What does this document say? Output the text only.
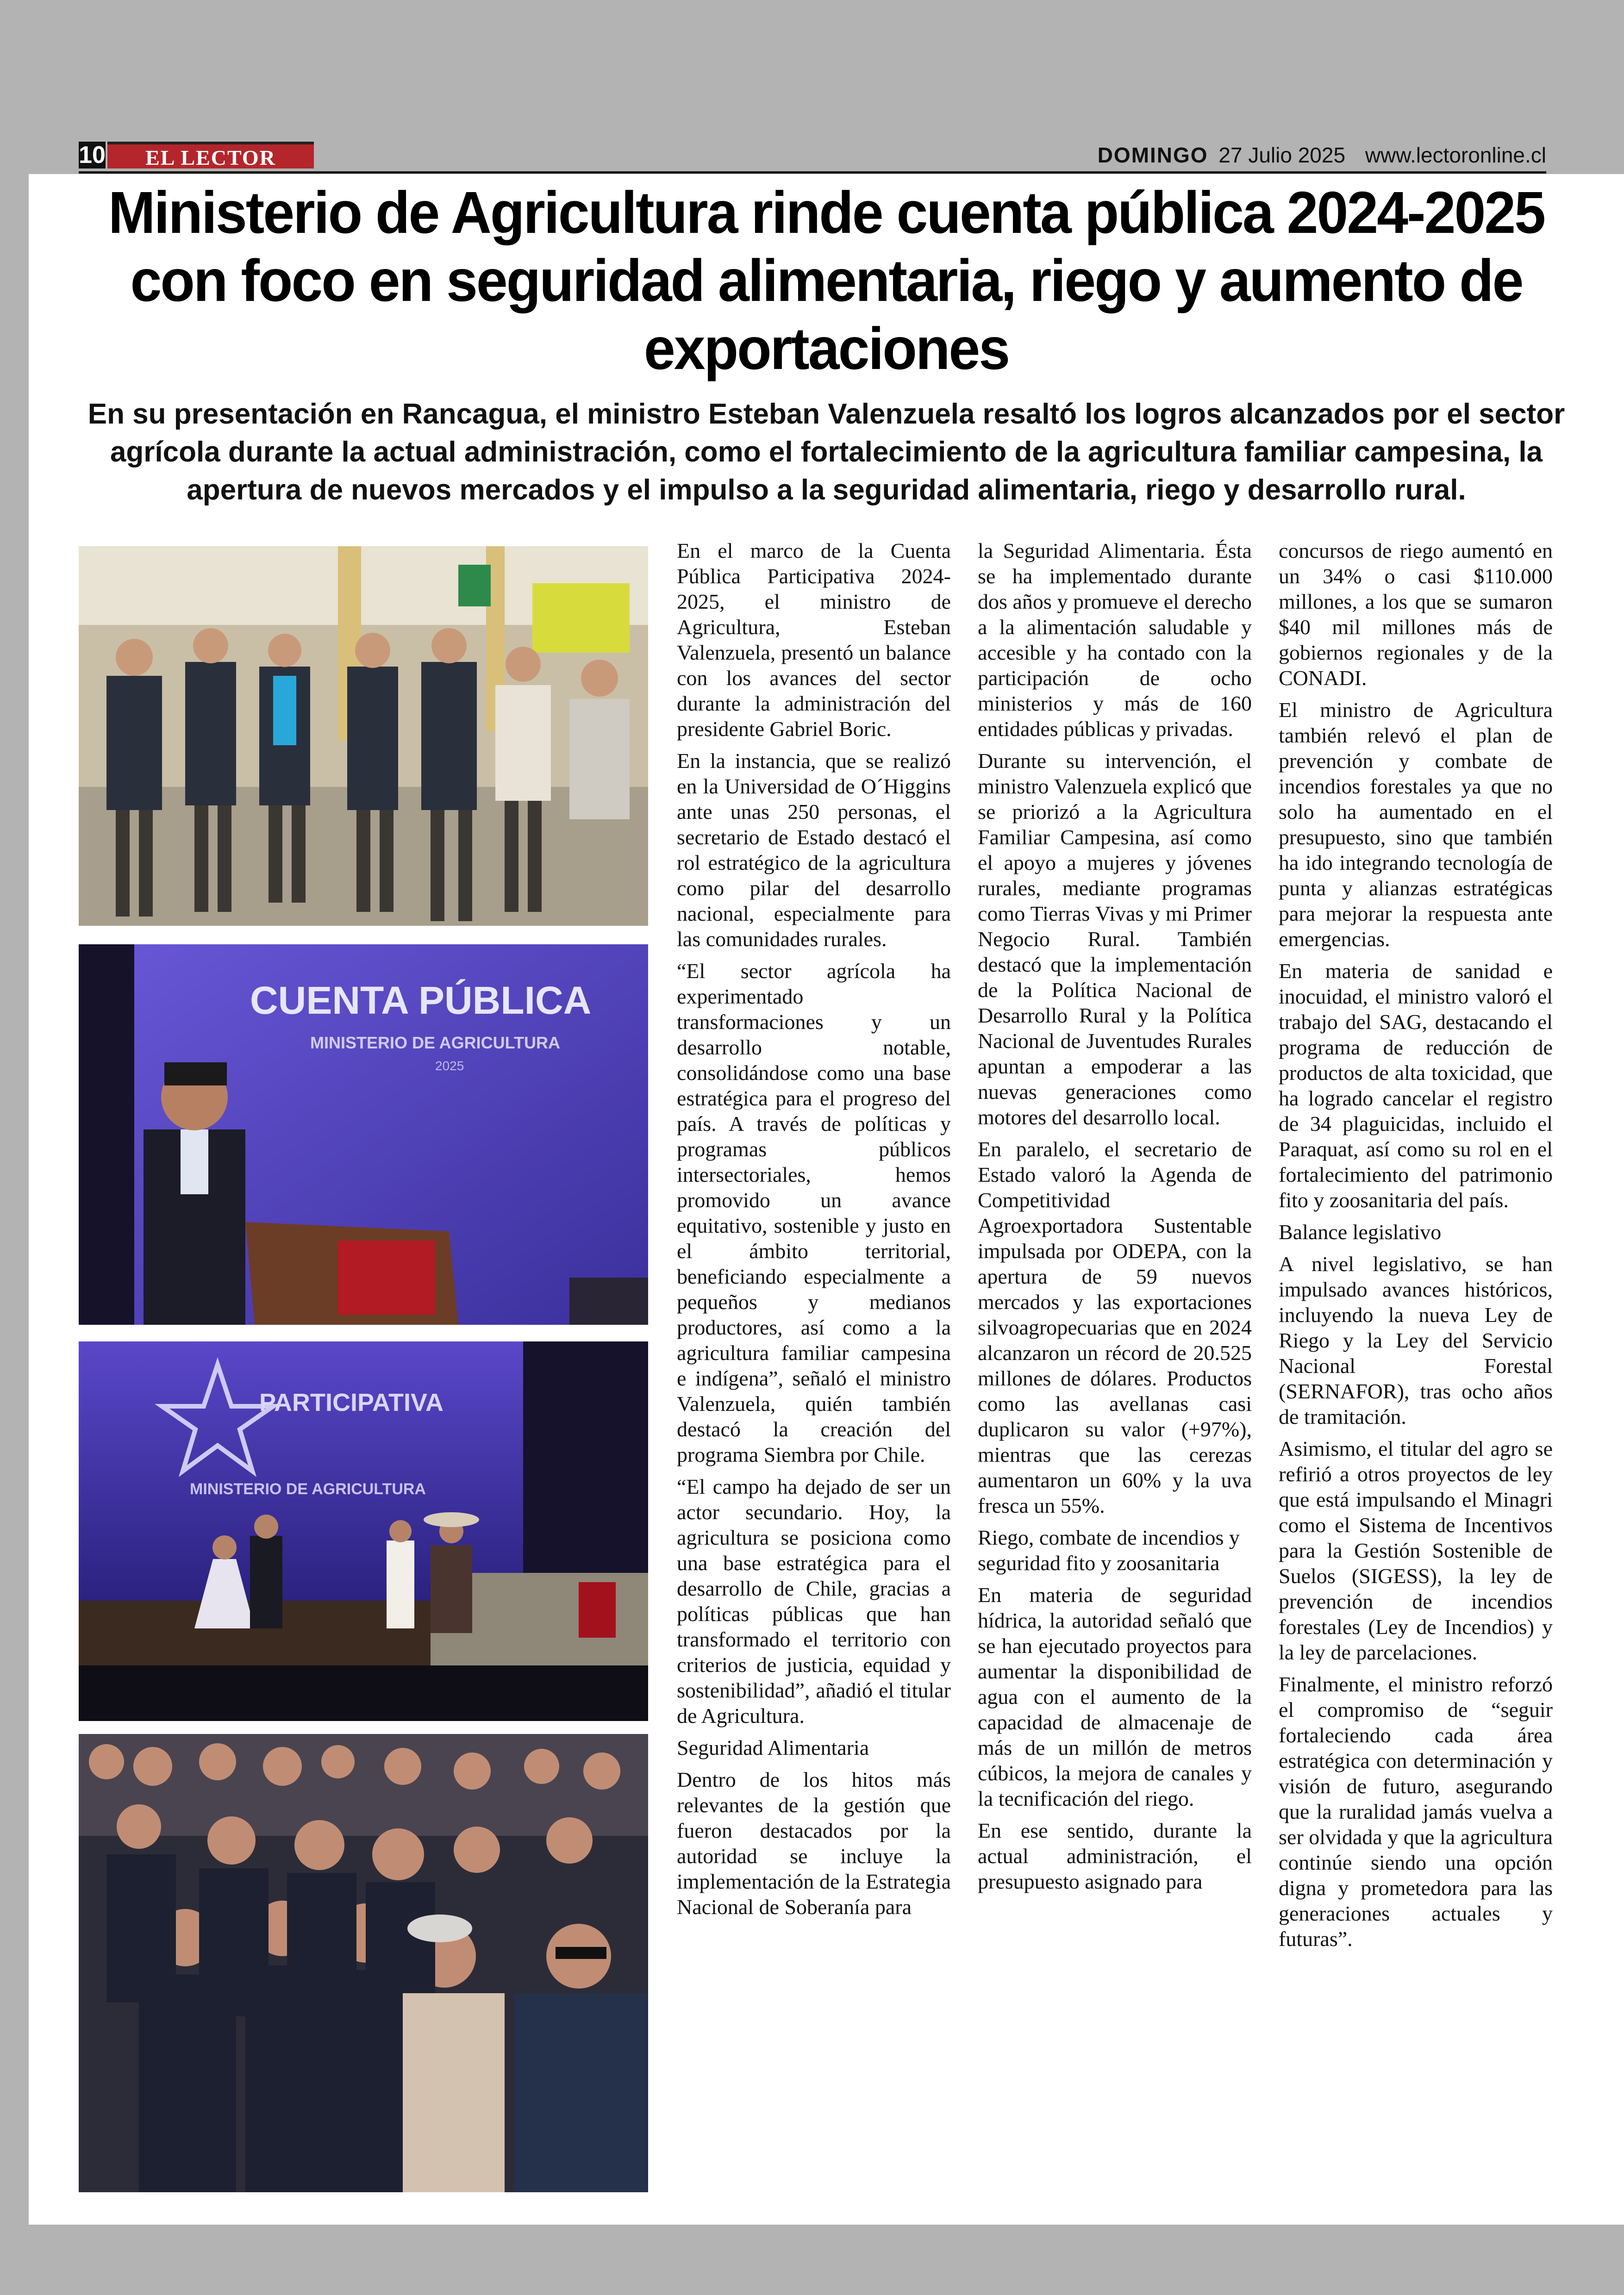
10	EL LECTOR	DOMINGO 27 Julio 2025 www.lectoronline.cl
Ministerio de Agricultura rinde cuenta pública 2024-2025 con foco en seguridad alimentaria, riego y aumento de exportaciones
En su presentación en Rancagua, el ministro Esteban Valenzuela resaltó los logros alcanzados por el sector agrícola durante la actual administración, como el fortalecimiento de la agricultura familiar campesina, la apertura de nuevos mercados y el impulso a la seguridad alimentaria, riego y desarrollo rural.
CUENTA PÚBLICA
MINISTERIO DE AGRICULTURA
2025
PARTICIPATIVA
MINISTERIO DE AGRICULTURA

En el marco de la Cuenta Pública Participativa 2024-2025, el ministro de Agricultura, Esteban Valenzuela, presentó un balance con los avances del sector durante la administración del presidente Gabriel Boric.

En la instancia, que se realizó en la Universidad de O´Higgins ante unas 250 personas, el secretario de Estado destacó el rol estratégico de la agricultura como pilar del desarrollo nacional, especialmente para las comunidades rurales.

“El sector agrícola ha experimentado transformaciones y un desarrollo notable, consolidándose como una base estratégica para el progreso del país. A través de políticas y programas públicos intersectoriales, hemos promovido un avance equitativo, sostenible y justo en el ámbito territorial, beneficiando especialmente a pequeños y medianos productores, así como a la agricultura familiar campesina e indígena”, señaló el ministro Valenzuela, quién también destacó la creación del programa Siembra por Chile.

“El campo ha dejado de ser un actor secundario. Hoy, la agricultura se posiciona como una base estratégica para el desarrollo de Chile, gracias a políticas públicas que han transformado el territorio con criterios de justicia, equidad y sostenibilidad”, añadió el titular de Agricultura.

Seguridad Alimentaria

Dentro de los hitos más relevantes de la gestión que fueron destacados por la autoridad se incluye la implementación de la Estrategia Nacional de Soberanía para

la Seguridad Alimentaria. Ésta se ha implementado durante dos años y promueve el derecho a la alimentación saludable y accesible y ha contado con la participación de ocho ministerios y más de 160 entidades públicas y privadas.

Durante su intervención, el ministro Valenzuela explicó que se priorizó a la Agricultura Familiar Campesina, así como el apoyo a mujeres y jóvenes rurales, mediante programas como Tierras Vivas y mi Primer Negocio Rural. También destacó que la implementación de la Política Nacional de Desarrollo Rural y la Política Nacional de Juventudes Rurales apuntan a empoderar a las nuevas generaciones como motores del desarrollo local.

En paralelo, el secretario de Estado valoró la Agenda de Competitividad Agroexportadora Sustentable impulsada por ODEPA, con la apertura de 59 nuevos mercados y las exportaciones silvoagropecuarias que en 2024 alcanzaron un récord de 20.525 millones de dólares. Productos como las avellanas casi duplicaron su valor (+97%), mientras que las cerezas aumentaron un 60% y la uva fresca un 55%.

Riego, combate de incendios y seguridad fito y zoosanitaria

En materia de seguridad hídrica, la autoridad señaló que se han ejecutado proyectos para aumentar la disponibilidad de agua con el aumento de la capacidad de almacenaje de más de un millón de metros cúbicos, la mejora de canales y la tecnificación del riego.

En ese sentido, durante la actual administración, el presupuesto asignado para

concursos de riego aumentó en un 34% o casi $110.000 millones, a los que se sumaron $40 mil millones más de gobiernos regionales y de la CONADI.

El ministro de Agricultura también relevó el plan de prevención y combate de incendios forestales ya que no solo ha aumentado en el presupuesto, sino que también ha ido integrando tecnología de punta y alianzas estratégicas para mejorar la respuesta ante emergencias.

En materia de sanidad e inocuidad, el ministro valoró el trabajo del SAG, destacando el programa de reducción de productos de alta toxicidad, que ha logrado cancelar el registro de 34 plaguicidas, incluido el Paraquat, así como su rol en el fortalecimiento del patrimonio fito y zoosanitaria del país.

Balance legislativo

A nivel legislativo, se han impulsado avances históricos, incluyendo la nueva Ley de Riego y la Ley del Servicio Nacional Forestal (SERNAFOR), tras ocho años de tramitación.

Asimismo, el titular del agro se refirió a otros proyectos de ley que está impulsando el Minagri como el Sistema de Incentivos para la Gestión Sostenible de Suelos (SIGESS), la ley de prevención de incendios forestales (Ley de Incendios) y la ley de parcelaciones.

Finalmente, el ministro reforzó el compromiso de “seguir fortaleciendo cada área estratégica con determinación y visión de futuro, asegurando que la ruralidad jamás vuelva a ser olvidada y que la agricultura continúe siendo una opción digna y prometedora para las generaciones actuales y futuras”.
